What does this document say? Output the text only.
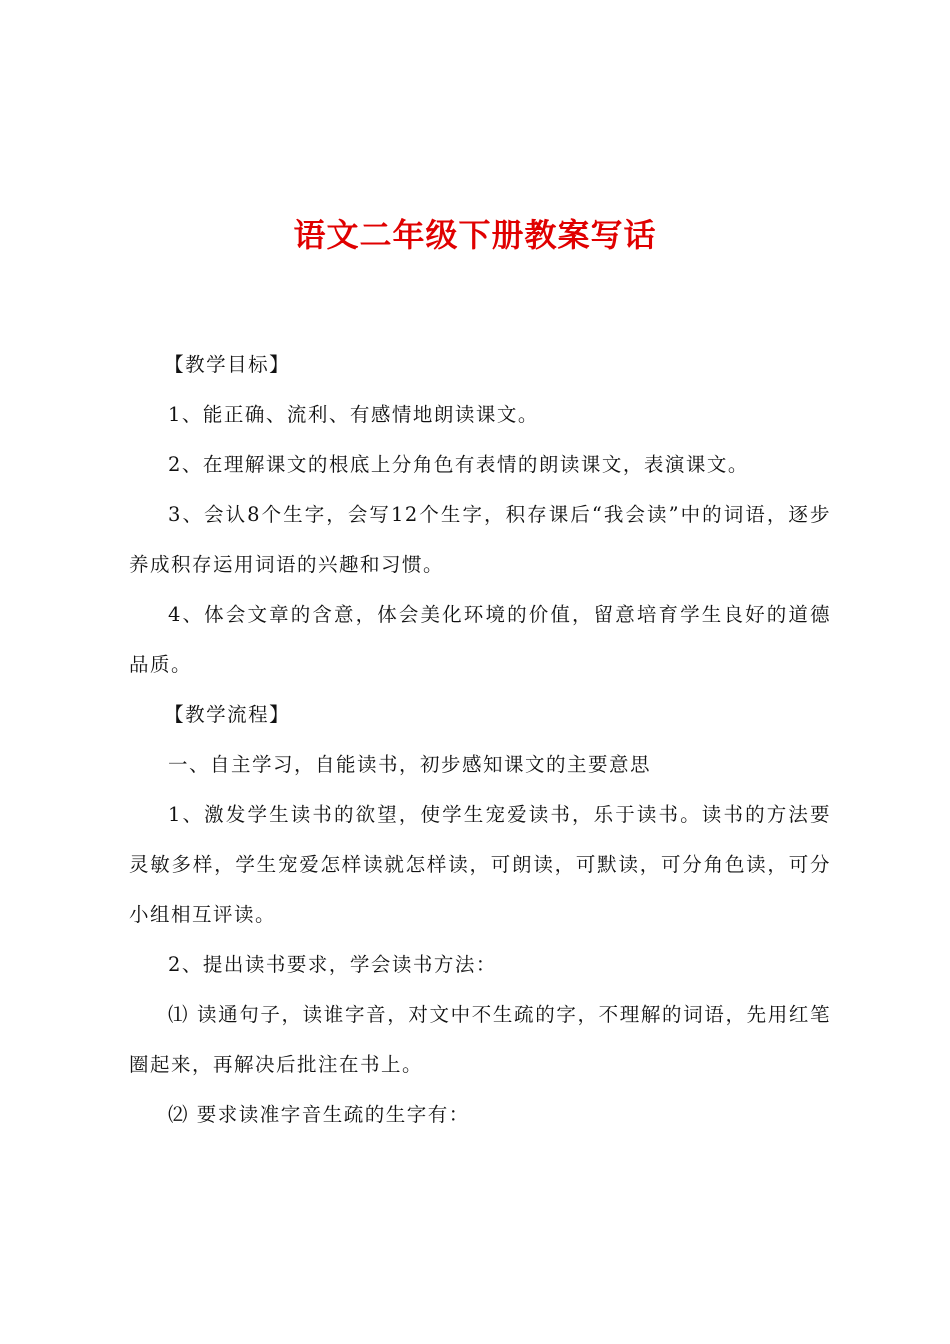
语文二年级下册教案写话

【教学目标】

1、能正确、流利、有感情地朗读课文。

2、在理解课文的根底上分角色有表情的朗读课文，表演课文。

3、会认8个生字，会写12个生字，积存课后“我会读”中的词语，逐步养成积存运用词语的兴趣和习惯。

4、体会文章的含意，体会美化环境的价值，留意培育学生良好的道德品质。

【教学流程】

一、自主学习，自能读书，初步感知课文的主要意思

1、激发学生读书的欲望，使学生宠爱读书，乐于读书。读书的方法要灵敏多样，学生宠爱怎样读就怎样读，可朗读，可默读，可分角色读，可分小组相互评读。

2、提出读书要求，学会读书方法：

⑴ 读通句子，读谁字音，对文中不生疏的字，不理解的词语，先用红笔圈起来，再解决后批注在书上。

⑵ 要求读准字音生疏的生字有：
